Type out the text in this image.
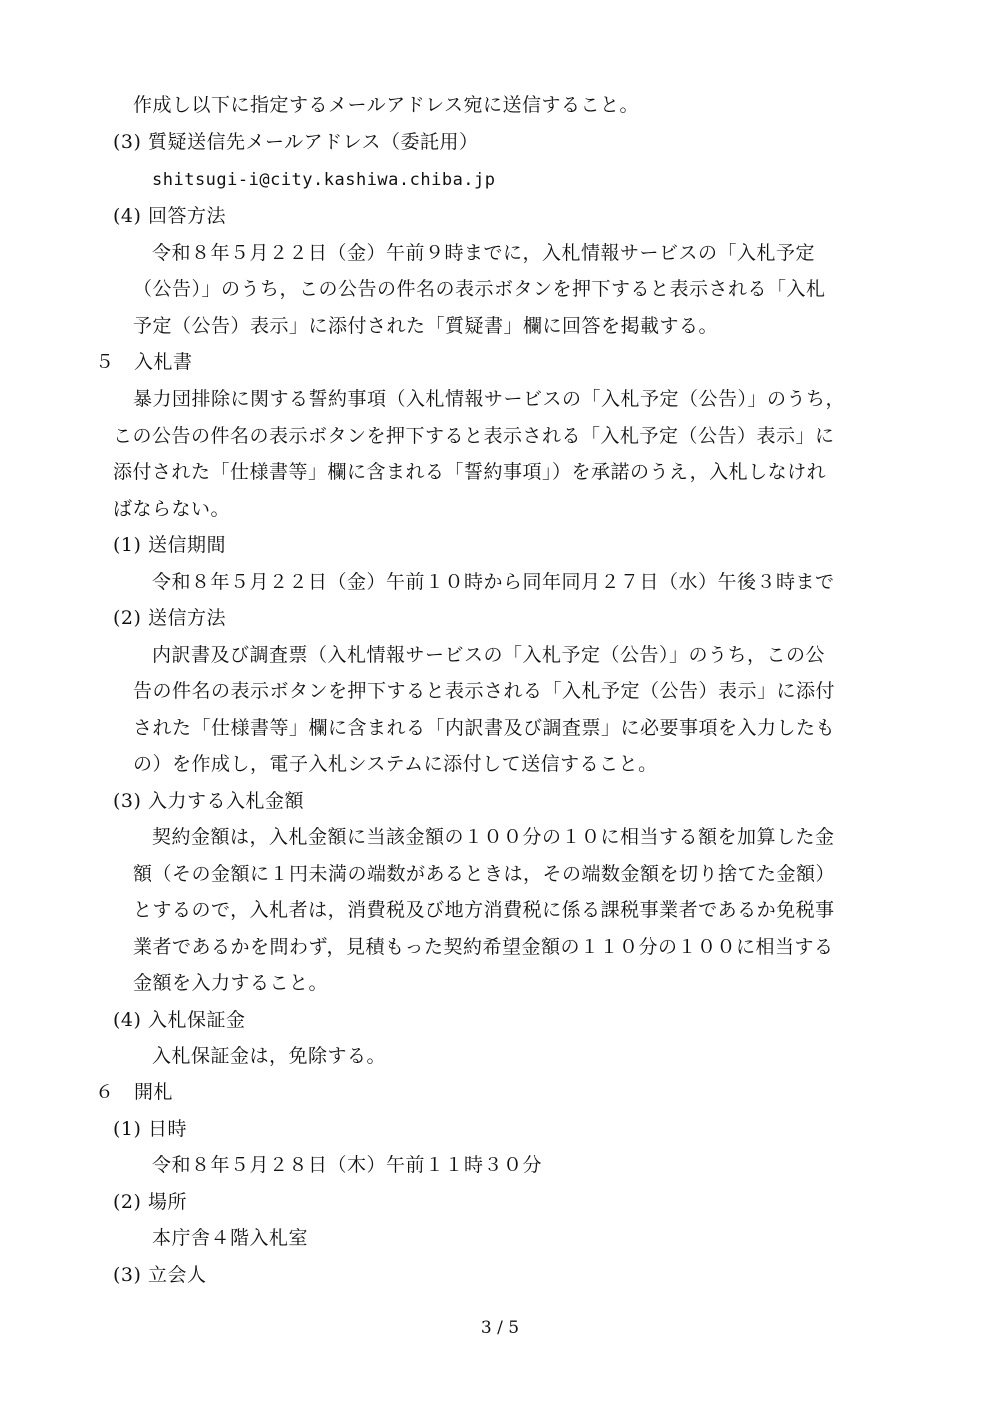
作成し以下に指定するメールアドレス宛に送信すること。
(3) 質疑送信先メールアドレス（委託用）
shitsugi-i@city.kashiwa.chiba.jp
(4) 回答方法
令和８年５月２２日（金）午前９時までに，入札情報サービスの「入札予定
（公告）」のうち，この公告の件名の表示ボタンを押下すると表示される「入札
予定（公告）表示」に添付された「質疑書」欄に回答を掲載する。
５　入札書
暴力団排除に関する誓約事項（入札情報サービスの「入札予定（公告）」のうち，
この公告の件名の表示ボタンを押下すると表示される「入札予定（公告）表示」に
添付された「仕様書等」欄に含まれる「誓約事項」）を承諾のうえ，入札しなけれ
ばならない。
(1) 送信期間
令和８年５月２２日（金）午前１０時から同年同月２７日（水）午後３時まで
(2) 送信方法
内訳書及び調査票（入札情報サービスの「入札予定（公告）」のうち，この公
告の件名の表示ボタンを押下すると表示される「入札予定（公告）表示」に添付
された「仕様書等」欄に含まれる「内訳書及び調査票」に必要事項を入力したも
の）を作成し，電子入札システムに添付して送信すること。
(3) 入力する入札金額
契約金額は，入札金額に当該金額の１００分の１０に相当する額を加算した金
額（その金額に１円未満の端数があるときは，その端数金額を切り捨てた金額）
とするので，入札者は，消費税及び地方消費税に係る課税事業者であるか免税事
業者であるかを問わず，見積もった契約希望金額の１１０分の１００に相当する
金額を入力すること。
(4) 入札保証金
入札保証金は，免除する。
６　開札
(1) 日時
令和８年５月２８日（木）午前１１時３０分
(2) 場所
本庁舎４階入札室
(3) 立会人
3 / 5
